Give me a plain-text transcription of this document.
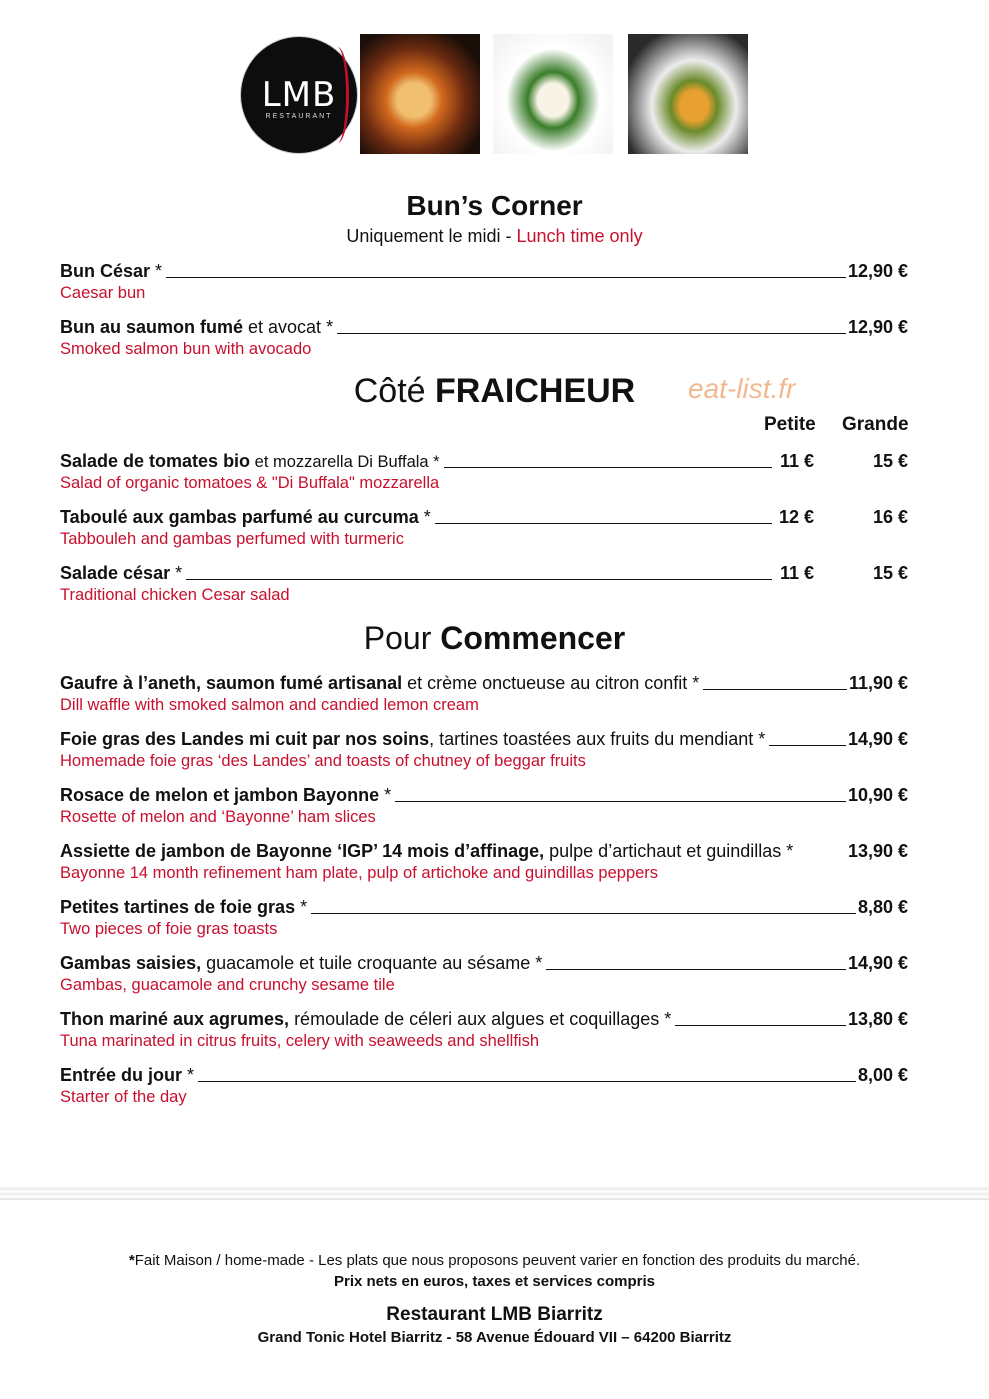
LMB
RESTAURANT
Bun’s Corner
Uniquement le midi - Lunch time only
Bun César *	12,90 €
Caesar bun
Bun au saumon fumé et avocat *	12,90 €
Smoked salmon bun with avocado
Côté FRAICHEUR	eat-list.fr
Petite Grande
Salade de tomates bio et mozzarella Di Buffala *	11 €	15 €
Salad of organic tomatoes & "Di Buffala" mozzarella
Taboulé aux gambas parfumé au curcuma *	12 €	16 €
Tabbouleh and gambas perfumed with turmeric
Salade césar *	11 €	15 €
Traditional chicken Cesar salad
Pour Commencer
Gaufre à l’aneth, saumon fumé artisanal et crème onctueuse au citron confit *	11,90 €
Dill waffle with smoked salmon and candied lemon cream
Foie gras des Landes mi cuit par nos soins, tartines toastées aux fruits du mendiant *	14,90 €
Homemade foie gras ‘des Landes’ and toasts of chutney of beggar fruits
Rosace de melon et jambon Bayonne *	10,90 €
Rosette of melon and ‘Bayonne’ ham slices
Assiette de jambon de Bayonne ‘IGP’ 14 mois d’affinage, pulpe d’artichaut et guindillas *	13,90 €
Bayonne 14 month refinement ham plate, pulp of artichoke and guindillas peppers
Petites tartines de foie gras *	8,80 €
Two pieces of foie gras toasts
Gambas saisies, guacamole et tuile croquante au sésame *	14,90 €
Gambas, guacamole and crunchy sesame tile
Thon mariné aux agrumes, rémoulade de céleri aux algues et coquillages *	13,80 €
Tuna marinated in citrus fruits, celery with seaweeds and shellfish
Entrée du jour *	8,00 €
Starter of the day
*Fait Maison / home-made - Les plats que nous proposons peuvent varier en fonction des produits du marché.
Prix nets en euros, taxes et services compris
Restaurant LMB Biarritz
Grand Tonic Hotel Biarritz - 58 Avenue Édouard VII – 64200 Biarritz
